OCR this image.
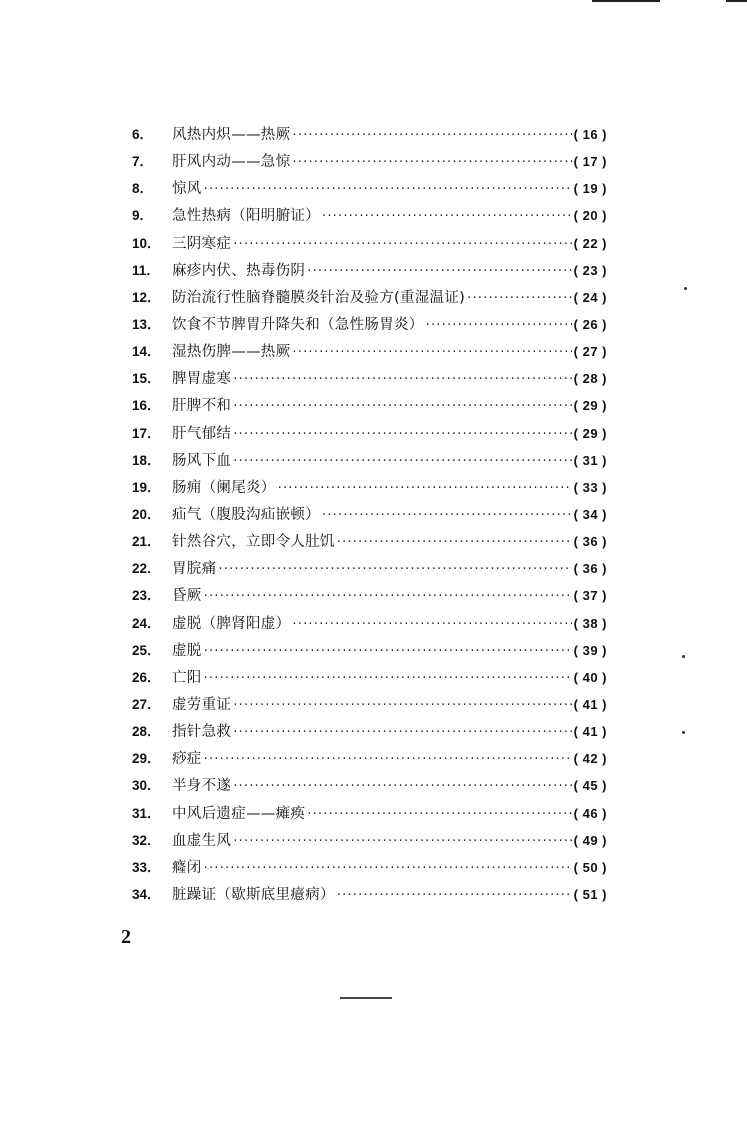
6．	风热内炽——热厥 ·····	( 16 )
7．	肝风内动——急惊 ·····	( 17 )
8．	惊风 ·····	( 19 )
9．	急性热病（阳明腑证） ·····	( 20 )
10． 三阴寒症 ·····	( 22 )
11． 麻疹内伏、热毒伤阴 ·····	( 23 )
12． 防治流行性脑脊髓膜炎针治及验方(重湿温证) ·····	( 24 )
13． 饮食不节脾胃升降失和（急性肠胃炎） ·····	( 26 )
14． 湿热伤脾——热厥 ·····	( 27 )
15． 脾胃虚寒 ·····	( 28 )
16． 肝脾不和 ·····	( 29 )
17． 肝气郁结 ·····	( 29 )
18． 肠风下血 ·····	( 31 )
19． 肠痈（阑尾炎） ·····	( 33 )
20． 疝气（腹股沟疝嵌顿） ·····	( 34 )
21． 针然谷穴，立即令人肚饥 ·····	( 36 )
22． 胃脘痛 ·····	( 36 )
23． 昏厥 ·····	( 37 )
24． 虚脱（脾肾阳虚） ·····	( 38 )
25． 虚脱 ·····	( 39 )
26． 亡阳 ·····	( 40 )
27． 虚劳重证 ·····	( 41 )
28． 指针急救 ·····	( 41 )
29． 痧症 ·····	( 42 )
30． 半身不遂 ·····	( 45 )
31． 中风后遗症——瘫痪 ·····	( 46 )
32． 血虚生风 ·····	( 49 )
33． 癃闭 ·····	( 50 )
34． 脏躁证（歇斯底里癔病） ·····	( 51 )
2
